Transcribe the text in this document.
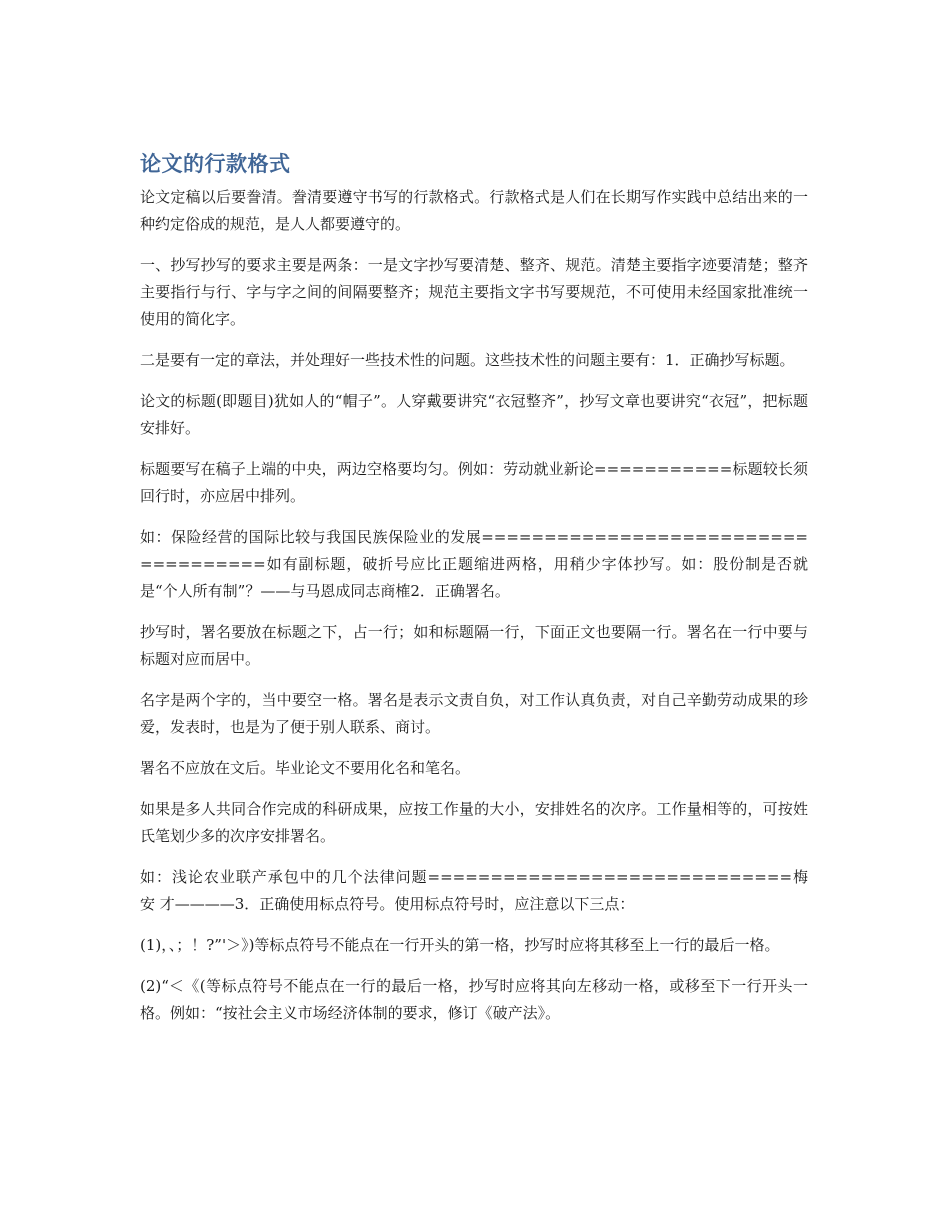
论文的行款格式

论文定稿以后要誊清。誊清要遵守书写的行款格式。行款格式是人们在长期写作实践中总结出来的一种约定俗成的规范，是人人都要遵守的。

一、抄写抄写的要求主要是两条：一是文字抄写要清楚、整齐、规范。清楚主要指字迹要清楚；整齐主要指行与行、字与字之间的间隔要整齐；规范主要指文字书写要规范，不可使用未经国家批准统一使用的简化字。

二是要有一定的章法，并处理好一些技术性的问题。这些技术性的问题主要有：1．正确抄写标题。

论文的标题(即题目)犹如人的“帽子”。人穿戴要讲究“衣冠整齐”，抄写文章也要讲究“衣冠”，把标题安排好。

标题要写在稿子上端的中央，两边空格要均匀。例如：劳动就业新论===========标题较长须回行时，亦应居中排列。

如：保险经营的国际比较与我国民族保险业的发展====================================如有副标题，破折号应比正题缩进两格，用稍少字体抄写。如：股份制是否就是“个人所有制”？——与马恩成同志商榷2．正确署名。

抄写时，署名要放在标题之下，占一行；如和标题隔一行，下面正文也要隔一行。署名在一行中要与标题对应而居中。

名字是两个字的，当中要空一格。署名是表示文责自负，对工作认真负责，对自己辛勤劳动成果的珍爱，发表时，也是为了便于别人联系、商讨。

署名不应放在文后。毕业论文不要用化名和笔名。

如果是多人共同合作完成的科研成果，应按工作量的大小，安排姓名的次序。工作量相等的，可按姓氏笔划少多的次序安排署名。

如：浅论农业联产承包中的几个法律问题=============================梅 安 才————3．正确使用标点符号。使用标点符号时，应注意以下三点：

(1)，、；！?”'＞》)等标点符号不能点在一行开头的第一格，抄写时应将其移至上一行的最后一格。

(2)“＜《(等标点符号不能点在一行的最后一格，抄写时应将其向左移动一格，或移至下一行开头一格。例如：“按社会主义市场经济体制的要求，修订《破产法》。
